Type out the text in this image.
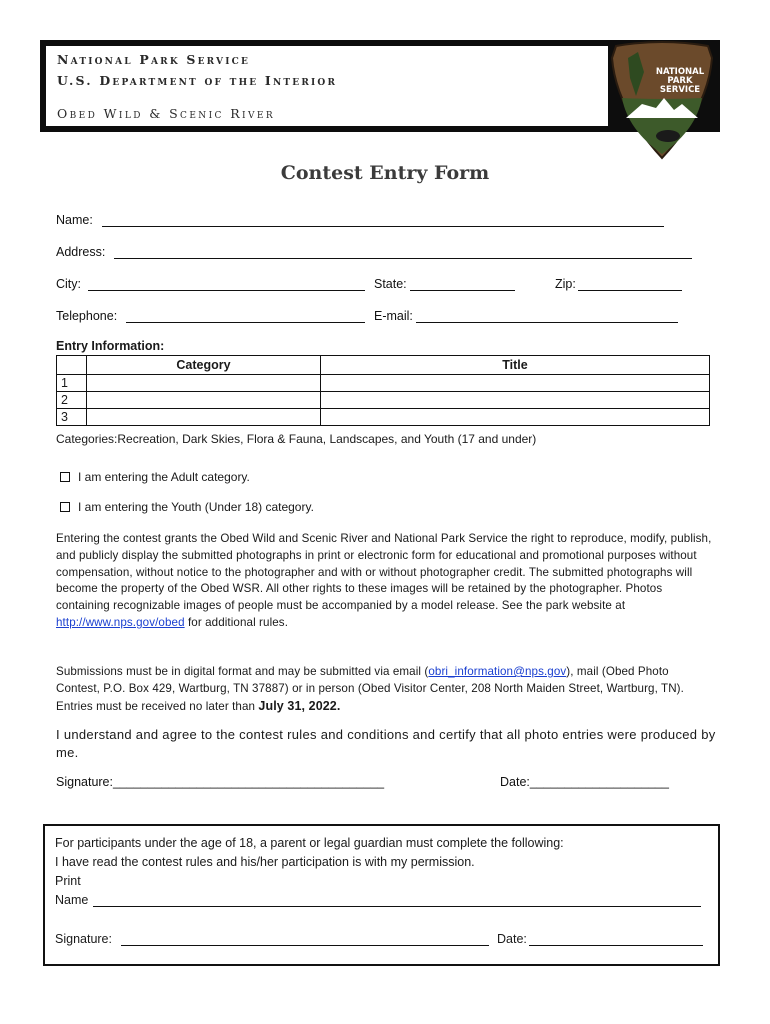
National Park Service
U.S. Department of the Interior
Obed Wild & Scenic River
NATIONAL
PARK
SERVICE
Contest Entry Form
Name:
Address:
City:	State:	Zip:
Telephone:	E-mail:
Entry Information:
	Category	Title
1		
2		
3		
Categories:Recreation, Dark Skies, Flora & Fauna, Landscapes, and Youth (17 and under)
I am entering the Adult category.
I am entering the Youth (Under 18) category.
Entering the contest grants the Obed Wild and Scenic River and National Park Service the right to reproduce, modify, publish, and publicly display the submitted photographs in print or electronic form for educational and promotional purposes without compensation, without notice to the photographer and with or without photographer credit. The submitted photographs will become the property of the Obed WSR. All other rights to these images will be retained by the photographer. Photos containing recognizable images of people must be accompanied by a model release. See the park website at http://www.nps.gov/obed for additional rules.
Submissions must be in digital format and may be submitted via email (obri_information@nps.gov), mail (Obed Photo Contest, P.O. Box 429, Wartburg, TN 37887) or in person (Obed Visitor Center, 208 North Maiden Street, Wartburg, TN). Entries must be received no later than July 31, 2022.
I understand and agree to the contest rules and conditions and certify that all photo entries were produced by me.
Signature:_______________________________________	Date:____________________
For participants under the age of 18, a parent or legal guardian must complete the following:
I have read the contest rules and his/her participation is with my permission.
Print
Name
Signature:	Date:
